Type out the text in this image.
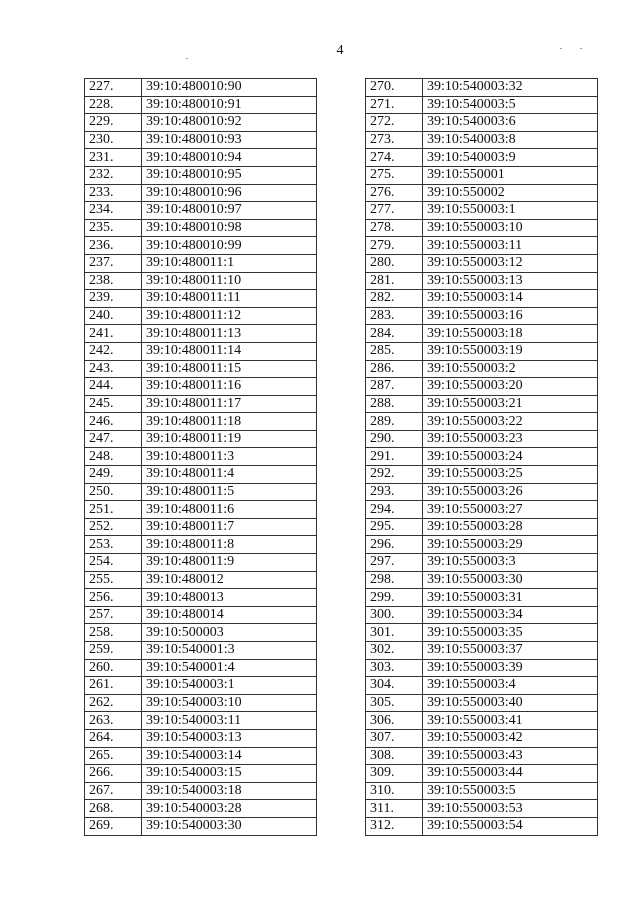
4
227.	39:10:480010:90
228.	39:10:480010:91
229.	39:10:480010:92
230.	39:10:480010:93
231.	39:10:480010:94
232.	39:10:480010:95
233.	39:10:480010:96
234.	39:10:480010:97
235.	39:10:480010:98
236.	39:10:480010:99
237.	39:10:480011:1
238.	39:10:480011:10
239.	39:10:480011:11
240.	39:10:480011:12
241.	39:10:480011:13
242.	39:10:480011:14
243.	39:10:480011:15
244.	39:10:480011:16
245.	39:10:480011:17
246.	39:10:480011:18
247.	39:10:480011:19
248.	39:10:480011:3
249.	39:10:480011:4
250.	39:10:480011:5
251.	39:10:480011:6
252.	39:10:480011:7
253.	39:10:480011:8
254.	39:10:480011:9
255.	39:10:480012
256.	39:10:480013
257.	39:10:480014
258.	39:10:500003
259.	39:10:540001:3
260.	39:10:540001:4
261.	39:10:540003:1
262.	39:10:540003:10
263.	39:10:540003:11
264.	39:10:540003:13
265.	39:10:540003:14
266.	39:10:540003:15
267.	39:10:540003:18
268.	39:10:540003:28
269.	39:10:540003:30
270.	39:10:540003:32
271.	39:10:540003:5
272.	39:10:540003:6
273.	39:10:540003:8
274.	39:10:540003:9
275.	39:10:550001
276.	39:10:550002
277.	39:10:550003:1
278.	39:10:550003:10
279.	39:10:550003:11
280.	39:10:550003:12
281.	39:10:550003:13
282.	39:10:550003:14
283.	39:10:550003:16
284.	39:10:550003:18
285.	39:10:550003:19
286.	39:10:550003:2
287.	39:10:550003:20
288.	39:10:550003:21
289.	39:10:550003:22
290.	39:10:550003:23
291.	39:10:550003:24
292.	39:10:550003:25
293.	39:10:550003:26
294.	39:10:550003:27
295.	39:10:550003:28
296.	39:10:550003:29
297.	39:10:550003:3
298.	39:10:550003:30
299.	39:10:550003:31
300.	39:10:550003:34
301.	39:10:550003:35
302.	39:10:550003:37
303.	39:10:550003:39
304.	39:10:550003:4
305.	39:10:550003:40
306.	39:10:550003:41
307.	39:10:550003:42
308.	39:10:550003:43
309.	39:10:550003:44
310.	39:10:550003:5
311.	39:10:550003:53
312.	39:10:550003:54
